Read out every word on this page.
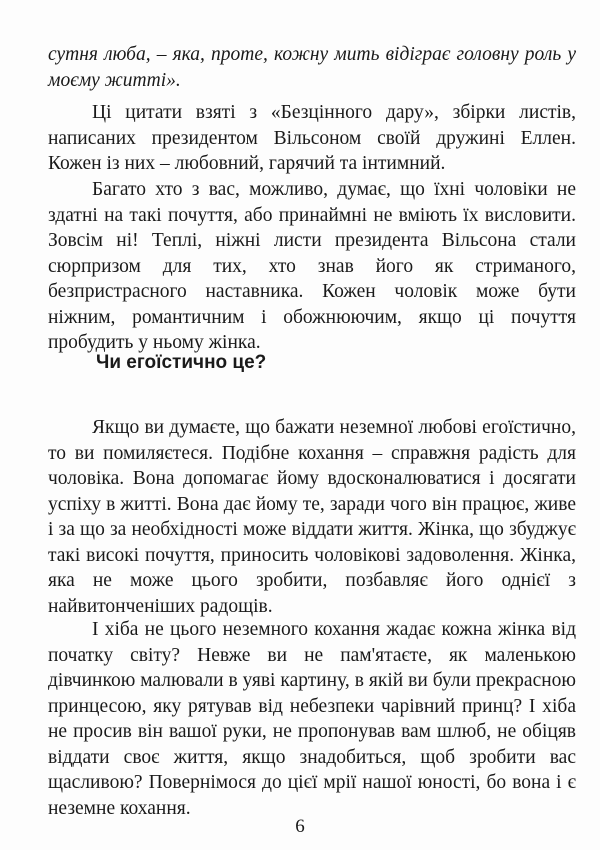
сутня люба, – яка, проте, кожну мить відіграє головну роль у моєму житті».

Ці цитати взяті з «Безцінного дару», збірки листів, написаних президентом Вільсоном своїй дружині Еллен. Кожен із них – любовний, гарячий та інтимний.

Багато хто з вас, можливо, думає, що їхні чоловіки не здатні на такі почуття, або принаймні не вміють їх висловити. Зовсім ні! Теплі, ніжні листи президента Вільсона стали сюрпризом для тих, хто знав його як стриманого, безпристрасного наставника. Кожен чоловік може бути ніжним, романтичним і обожнюючим, якщо ці почуття пробудить у ньому жінка.

Чи егоїстично це?

Якщо ви думаєте, що бажати неземної любові егоїстично, то ви помиляєтеся. Подібне кохання – справжня радість для чоловіка. Вона допомагає йому вдосконалюватися і досягати успіху в житті. Вона дає йому те, заради чого він працює, живе і за що за необхідності може віддати життя. Жінка, що збуджує такі високі почуття, приносить чоловікові задоволення. Жінка, яка не може цього зробити, позбавляє його однієї з найвитонченіших радощів.

І хіба не цього неземного кохання жадає кожна жінка від початку світу? Невже ви не пам'ятаєте, як маленькою дівчинкою малювали в уяві картину, в якій ви були прекрасною принцесою, яку рятував від небезпеки чарівний принц? І хіба не просив він вашої руки, не пропонував вам шлюб, не обіцяв віддати своє життя, якщо знадобиться, щоб зробити вас щасливою? Повернімося до цієї мрії нашої юності, бо вона і є неземне кохання.

6
